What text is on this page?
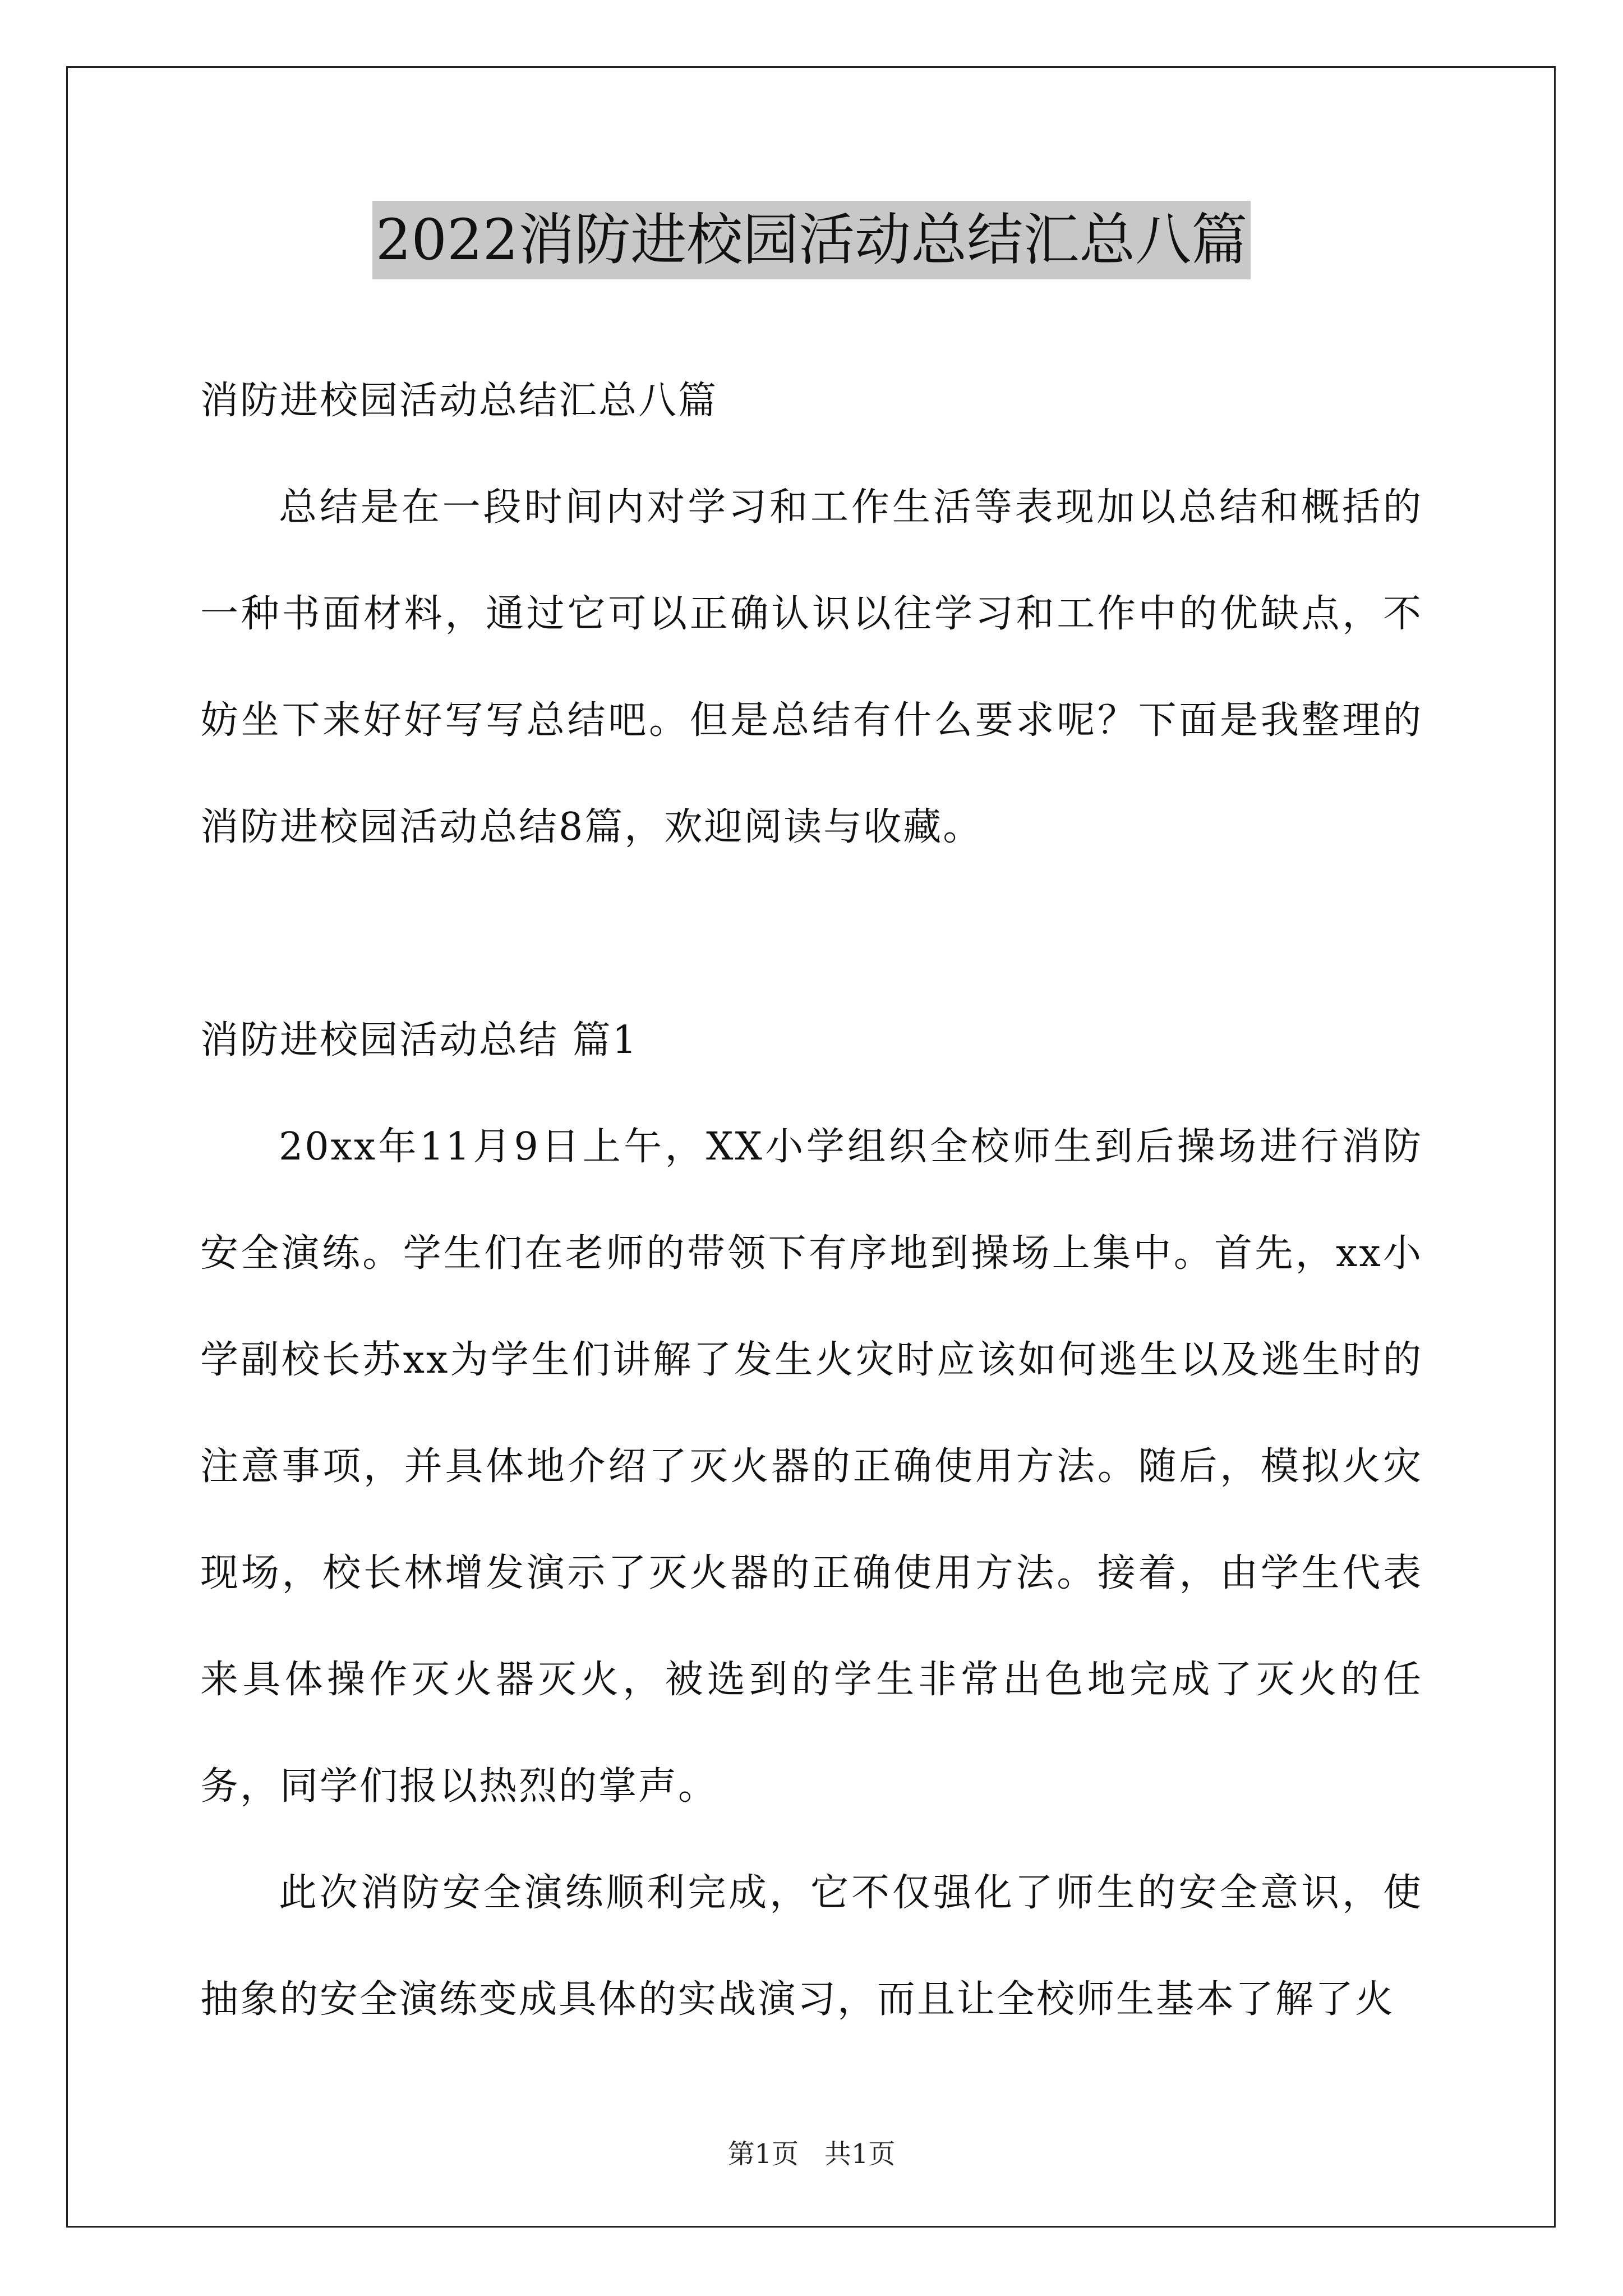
2022消防进校园活动总结汇总八篇

消防进校园活动总结汇总八篇

总结是在一段时间内对学习和工作生活等表现加以总结和概括的一种书面材料，通过它可以正确认识以往学习和工作中的优缺点，不妨坐下来好好写写总结吧。但是总结有什么要求呢？下面是我整理的消防进校园活动总结8篇，欢迎阅读与收藏。

消防进校园活动总结 篇1

20xx年11月9日上午，XX小学组织全校师生到后操场进行消防安全演练。学生们在老师的带领下有序地到操场上集中。首先，xx小学副校长苏xx为学生们讲解了发生火灾时应该如何逃生以及逃生时的注意事项，并具体地介绍了灭火器的正确使用方法。随后，模拟火灾现场，校长林增发演示了灭火器的正确使用方法。接着，由学生代表来具体操作灭火器灭火，被选到的学生非常出色地完成了灭火的任务，同学们报以热烈的掌声。

此次消防安全演练顺利完成，它不仅强化了师生的安全意识，使抽象的安全演练变成具体的实战演习，而且让全校师生基本了解了火

第1页   共1页
